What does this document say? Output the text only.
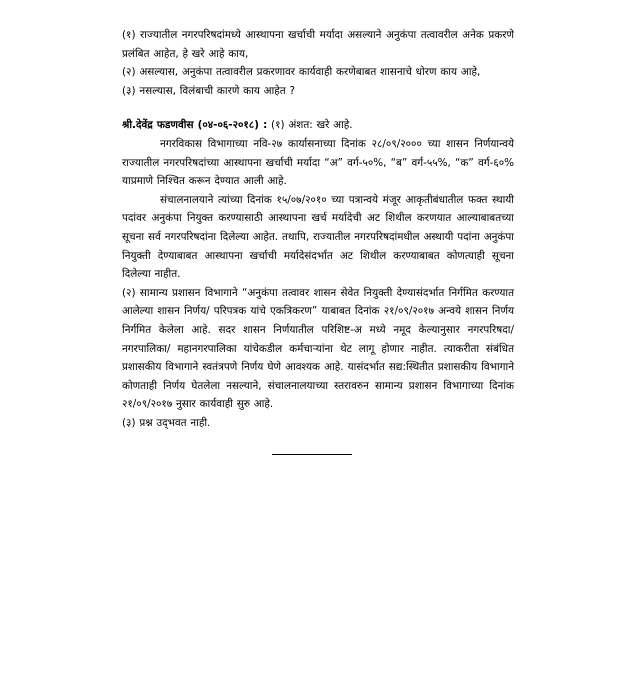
(१) राज्यातील नगरपरिषदांमध्ये आस्थापना खर्चाची मर्यादा असल्याने अनुकंपा तत्वावरील अनेक प्रकरणे प्रलंबित आहेत, हे खरे आहे काय,

(२) असल्यास, अनुकंपा तत्वावरील प्रकरणावर कार्यवाही करणेबाबत शासनाचे धोरण काय आहे,

(३) नसल्यास, विलंबाची कारणे काय आहेत ?

श्री.देवेंद्र फडणवीस (०४-०६-२०१८) : (१) अंशत: खरे आहे.

नगरविकास विभागाच्या नवि-२७ कार्यासनाच्या दिनांक २८/०९/२००० च्या शासन निर्णयान्वये राज्यातील नगरपरिषदांच्या आस्थापना खर्चाची मर्यादा “अ” वर्ग-५०%, “ब” वर्ग-५५%, “क” वर्ग-६०% याप्रमाणे निश्चित करून देण्यात आली आहे.

संचालनालयाने त्यांच्या दिनांक १५/०७/२०१० च्या पत्रान्वये मंजूर आकृतीबंधातील फक्त स्थायी पदांवर अनुकंपा नियुक्त करण्यासाठी आस्थापना खर्च मर्यादेची अट शिथील करणयात आल्याबाबतच्या सूचना सर्व नगरपरिषदांना दिलेल्या आहेत. तथापि, राज्यातील नगरपरिषदांमधील अस्थायी पदांना अनुकंपा नियुक्ती देण्याबाबत आस्थापना खर्चाची मर्यादेसंदर्भात अट शिथील करण्याबाबत कोणत्याही सूचना दिलेल्या नाहीत.

(२) सामान्य प्रशासन विभागाने “अनुकंपा तत्वावर शासन सेवेत नियुक्ती देण्यासंदर्भात निर्गमित करण्यात आलेल्या शासन निर्णय/ परिपत्रक यांचे एकत्रिकरण” याबाबत दिनांक २१/०९/२०१७ अन्वये शासन निर्णय निर्गमित केलेला आहे. सदर शासन निर्णयातील परिशिष्ट-अ मध्ये नमूद केल्यानुसार नगरपरिषदा/ नगरपालिका/ महानगरपालिका यांचेकडील कर्मचाऱ्यांना थेट लागू होणार नाहीत. त्याकरीता संबंधित प्रशासकीय विभागाने स्वतंत्रपणे निर्णय घेणे आवश्यक आहे. यासंदर्भात सद्य:स्थितीत प्रशासकीय विभागाने कोणताही निर्णय घेतलेला नसल्याने, संचालनालयाच्या स्तरावरुन सामान्य प्रशासन विभागाच्या दिनांक २१/०९/२०१७ नुसार कार्यवाही सुरु आहे.

(३) प्रश्न उद्‌भवत नाही.
